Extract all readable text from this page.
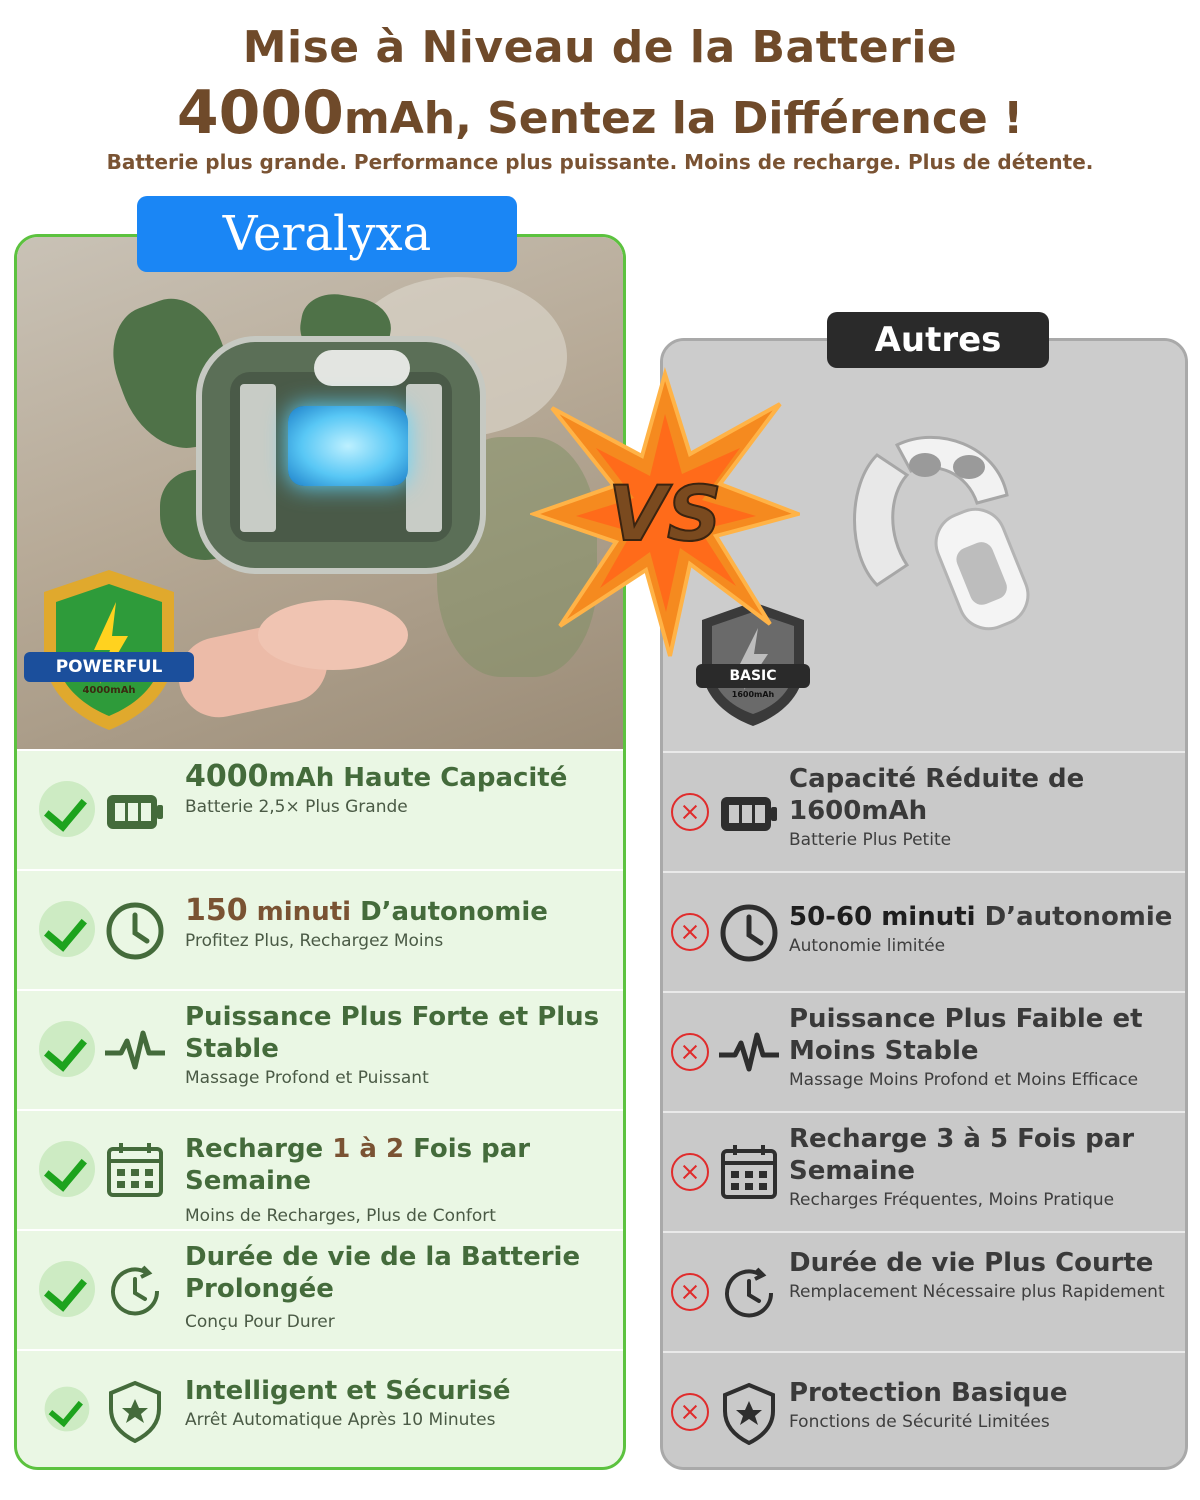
Mise à Niveau de la Batterie
4000mAh, Sentez la Différence !
Batterie plus grande. Performance plus puissante. Moins de recharge. Plus de détente.
4000mAh Haute Capacité
Batterie 2,5× Plus Grande
150 minuti D’autonomie
Profitez Plus, Rechargez Moins
Puissance Plus Forte et Plus Stable
Massage Profond et Puissant
Recharge 1 à 2 Fois par Semaine
Moins de Recharges, Plus de Confort
Durée de vie de la Batterie Prolongée
Conçu Pour Durer
Intelligent et Sécurisé
Arrêt Automatique Après 10 Minutes
Veralyxa
POWERFUL
4000mAh
Capacité Réduite de 1600mAh
Batterie Plus Petite
50-60 minuti D’autonomie
Autonomie limitée
Puissance Plus Faible et Moins Stable
Massage Moins Profond et Moins Efficace
Recharge 3 à 5 Fois par Semaine
Recharges Fréquentes, Moins Pratique
Durée de vie Plus Courte
Remplacement Nécessaire plus Rapidement
Protection Basique
Fonctions de Sécurité Limitées
Autres
BASIC
1600mAh
VS
